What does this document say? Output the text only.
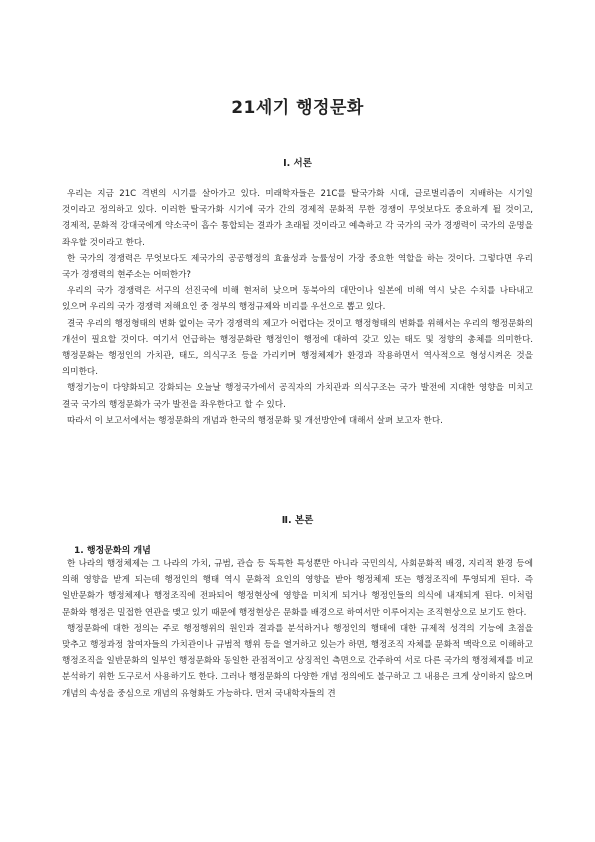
21세기 행정문화
Ⅰ. 서론

우리는 지금 21C 격변의 시기를 살아가고 있다. 미래학자들은 21C를 탈국가화 시대, 글로벌리즘이 지배하는 시기일 것이라고 정의하고 있다. 이러한 탈국가화 시기에 국가 간의 경제적 문화적 무한 경쟁이 무엇보다도 중요하게 될 것이고, 경제적, 문화적 강대국에게 약소국이 흡수 통합되는 결과가 초래될 것이라고 예측하고 각 국가의 국가 경쟁력이 국가의 운명을 좌우할 것이라고 한다.

한 국가의 경쟁력은 무엇보다도 제국가의 공공행정의 효율성과 능률성이 가장 중요한 역할을 하는 것이다. 그렇다면 우리 국가 경쟁력의 현주소는 어떠한가?

우리의 국가 경쟁력은 서구의 선진국에 비해 현저히 낮으며 동북아의 대만이나 일본에 비해 역시 낮은 수치를 나타내고 있으며 우리의 국가 경쟁력 저해요인 중 정부의 행정규제와 비리를 우선으로 뽑고 있다.

결국 우리의 행정형태의 변화 없이는 국가 경쟁력의 제고가 어렵다는 것이고 행정형태의 변화를 위해서는 우리의 행정문화의 개선이 필요할 것이다. 여기서 언급하는 행정문화란 행정인이 행정에 대하여 갖고 있는 태도 및 정향의 총체를 의미한다. 행정문화는 행정인의 가치관, 태도, 의식구조 등을 가리키며 행정체제가 환경과 작용하면서 역사적으로 형성시켜온 것을 의미한다.

행정기능이 다양화되고 강화되는 오늘날 행정국가에서 공직자의 가치관과 의식구조는 국가 발전에 지대한 영향을 미치고 결국 국가의 행정문화가 국가 발전을 좌우한다고 할 수 있다.

따라서 이 보고서에서는 행정문화의 개념과 한국의 행정문화 및 개선방안에 대해서 살펴 보고자 한다.

Ⅱ. 본론
1. 행정문화의 개념

한 나라의 행정체제는 그 나라의 가치, 규범, 관습 등 독특한 특성뿐만 아니라 국민의식, 사회문화적 배경, 지리적 환경 등에 의해 영향을 받게 되는데 행정인의 행태 역시 문화적 요인의 영향을 받아 행정체제 또는 행정조직에 투영되게 된다. 즉 일반문화가 행정체제나 행정조직에 전파되어 행정현상에 영향을 미치게 되거나 행정인들의 의식에 내재되게 된다. 이처럼 문화와 행정은 밀접한 연관을 맺고 있기 때문에 행정현상은 문화를 배경으로 하여서만 이루어지는 조직현상으로 보기도 한다.

행정문화에 대한 정의는 주로 행정행위의 원인과 결과를 분석하거나 행정인의 행태에 대한 규제적 성격의 기능에 초점을 맞추고 행정과정 참여자들의 가치관이나 규범적 행위 등을 열거하고 있는가 하면, 행정조직 자체를 문화적 맥락으로 이해하고 행정조직을 일반문화의 일부인 행정문화와 동일한 관점적이고 상징적인 측면으로 간주하여 서로 다른 국가의 행정체제를 비교 분석하기 위한 도구로서 사용하기도 한다. 그러나 행정문화의 다양한 개념 정의에도 불구하고 그 내용은 크게 상이하지 않으며 개념의 속성을 중심으로 개념의 유형화도 가능하다. 먼저 국내학자들의 견
